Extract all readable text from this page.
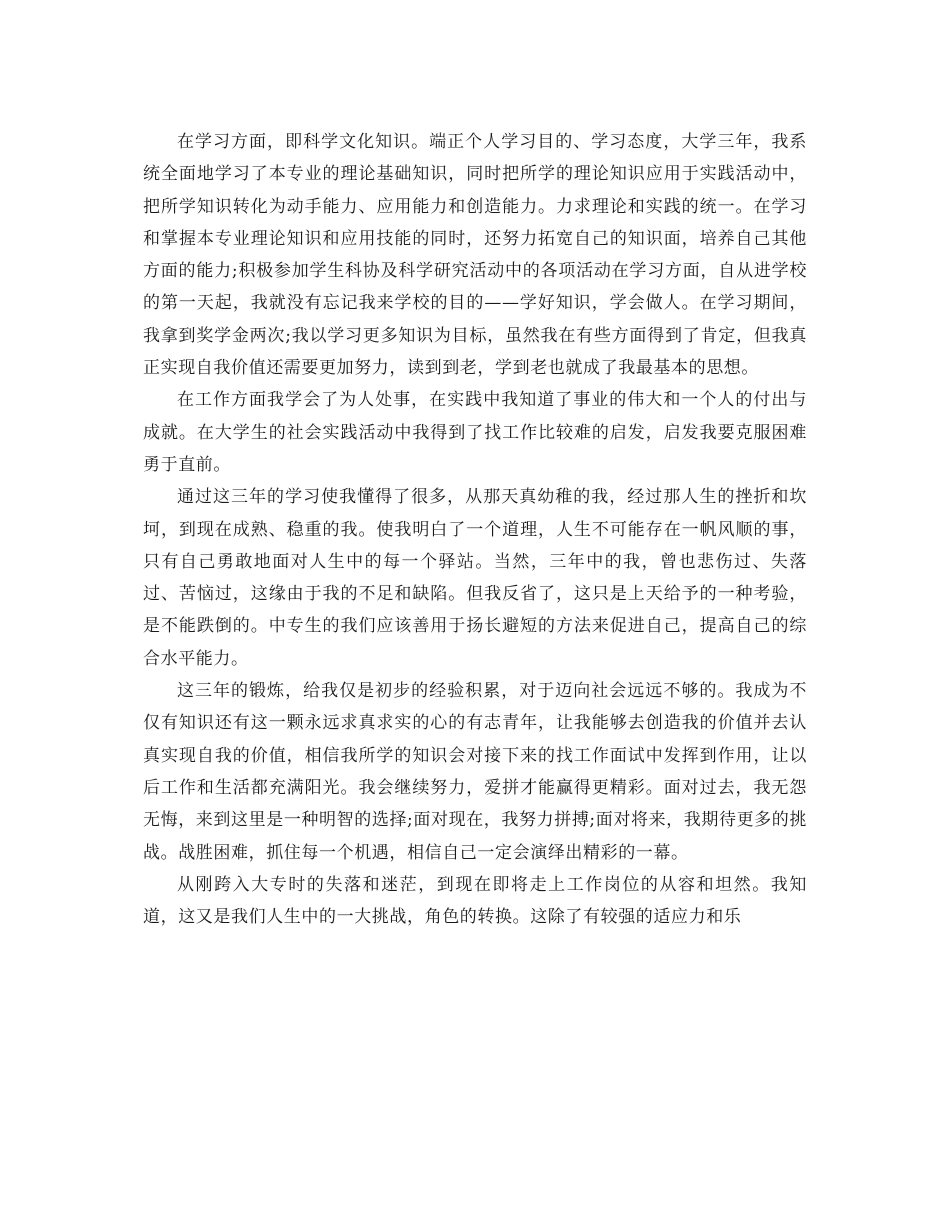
在学习方面，即科学文化知识。端正个人学习目的、学习态度，大学三年，我系统全面地学习了本专业的理论基础知识，同时把所学的理论知识应用于实践活动中，把所学知识转化为动手能力、应用能力和创造能力。力求理论和实践的统一。在学习和掌握本专业理论知识和应用技能的同时，还努力拓宽自己的知识面，培养自己其他方面的能力;积极参加学生科协及科学研究活动中的各项活动在学习方面，自从进学校的第一天起，我就没有忘记我来学校的目的——学好知识，学会做人。在学习期间，我拿到奖学金两次;我以学习更多知识为目标，虽然我在有些方面得到了肯定，但我真正实现自我价值还需要更加努力，读到到老，学到老也就成了我最基本的思想。

在工作方面我学会了为人处事，在实践中我知道了事业的伟大和一个人的付出与成就。在大学生的社会实践活动中我得到了找工作比较难的启发，启发我要克服困难勇于直前。

通过这三年的学习使我懂得了很多，从那天真幼稚的我，经过那人生的挫折和坎坷，到现在成熟、稳重的我。使我明白了一个道理，人生不可能存在一帆风顺的事，只有自己勇敢地面对人生中的每一个驿站。当然，三年中的我，曾也悲伤过、失落过、苦恼过，这缘由于我的不足和缺陷。但我反省了，这只是上天给予的一种考验，是不能跌倒的。中专生的我们应该善用于扬长避短的方法来促进自己，提高自己的综合水平能力。

这三年的锻炼，给我仅是初步的经验积累，对于迈向社会远远不够的。我成为不仅有知识还有这一颗永远求真求实的心的有志青年，让我能够去创造我的价值并去认真实现自我的价值，相信我所学的知识会对接下来的找工作面试中发挥到作用，让以后工作和生活都充满阳光。我会继续努力，爱拼才能赢得更精彩。面对过去，我无怨无悔，来到这里是一种明智的选择;面对现在，我努力拼搏;面对将来，我期待更多的挑战。战胜困难，抓住每一个机遇，相信自己一定会演绎出精彩的一幕。

从刚跨入大专时的失落和迷茫，到现在即将走上工作岗位的从容和坦然。我知道，这又是我们人生中的一大挑战，角色的转换。这除了有较强的适应力和乐
